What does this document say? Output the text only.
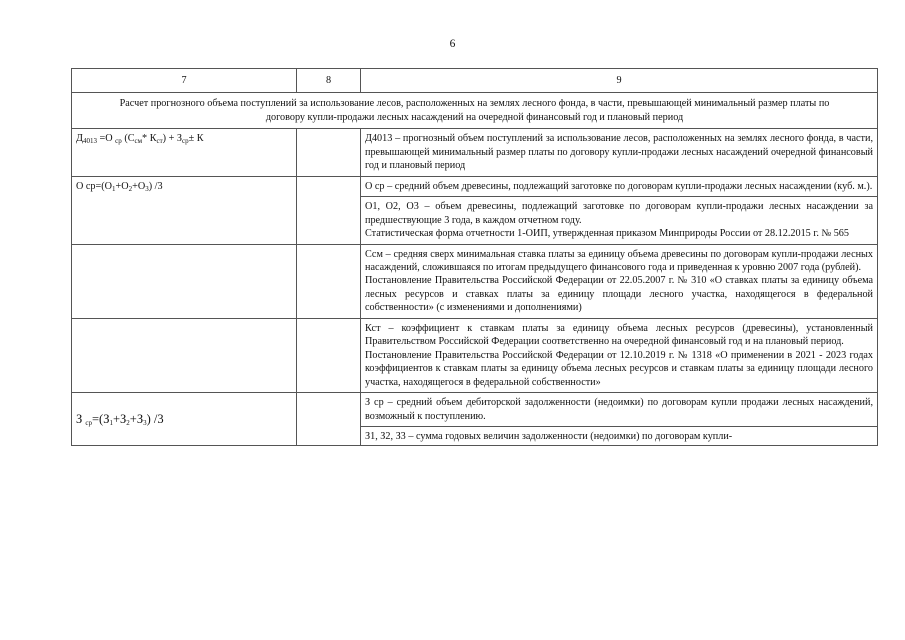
6
7	8	9
Расчет прогнозного объема поступлений за использование лесов, расположенных на землях лесного фонда, в части, превышающей минимальный размер платы по договору купли-продажи лесных насаждений на очередной финансовый год и плановый период		
$Д_{4013} =О$ $_{ср}$ ($С_{см}*$ $К_{ст}) + З_{ср}\pm К$		Д4013 – прогнозный объем поступлений за использование лесов, расположенных на землях лесного фонда, в части, превышающей минимальный размер платы по договору купли-продажи лесных насаждений очередной финансовый год и плановый период
О $ср=(О_1+О_2+О_3)$ /3		О ср – средний объем древесины, подлежащий заготовке по договорам купли-продажи лесных насаждении (куб. м.).

		О1, О2, О3 – объем древесины, подлежащий заготовке по договорам купли-продажи лесных насаждении за предшествующие 3 года, в каждом отчетном году.

Статистическая форма отчетности 1-ОИП, утвержденная приказом Минприроды России от 28.12.2015 г. № 565

		Ссм – средняя сверх минимальная ставка платы за единицу объема древесины по договорам купли-продажи лесных насаждений, сложившаяся по итогам предыдущего финансового года и приведенная к уровню 2007 года (рублей).

Постановление Правительства Российской Федерации от 22.05.2007 г. № 310 «О ставках платы за единицу объема лесных ресурсов и ставках платы за единицу площади лесного участка, находящегося в федеральной собственности» (с изменениями и дополнениями)

		Кст – коэффициент к ставкам платы за единицу объема лесных ресурсов (древесины), установленный Правительством Российской Федерации соответственно на очередной финансовый год и на плановый период.

Постановление Правительства Российской Федерации от 12.10.2019 г. № 1318 «О применении в 2021 - 2023 годах коэффициентов к ставкам платы за единицу объема лесных ресурсов и ставкам платы за единицу площади лесного участка, находящегося в федеральной собственности»

З $_{ср}=(З_1+З_2+З_3)$ /3		З ср – средний объем дебиторской задолженности (недоимки) по договорам купли продажи лесных насаждений, возможный к поступлению.

		З1, З2, З3 – сумма годовых величин задолженности (недоимки) по договорам купли-
